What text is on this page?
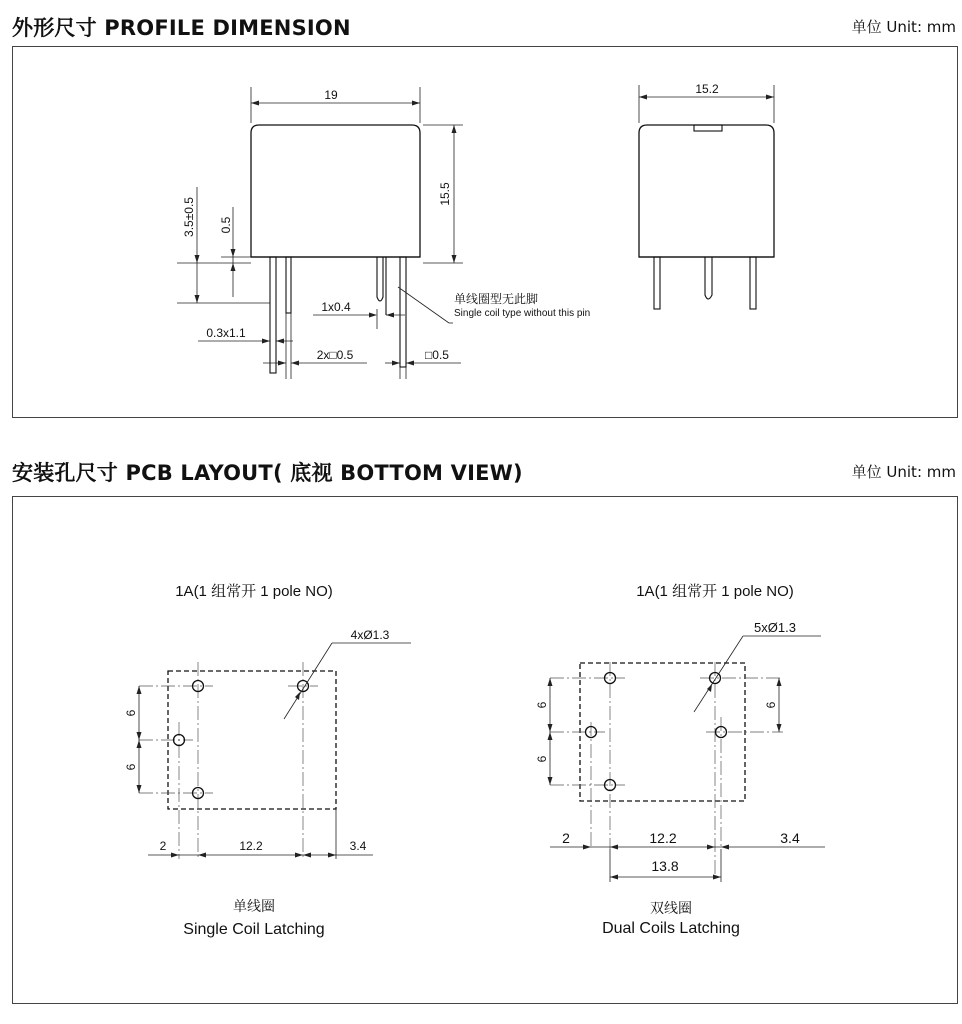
外形尺寸 PROFILE DIMENSION	单位 Unit: mm
19
15.5
3.5±0.5 0.5
1x0.4
0.3x1.1
2x□0.5	□0.5
单线圈型无此脚
Single coil type without this pin
15.2
安装孔尺寸 PCB LAYOUT( 底视 BOTTOM VIEW)	单位 Unit: mm
1A(1 组常开 1 pole NO)
4xØ1.3
6
6
2	12.2	3.4
单线圈
Single Coil Latching
1A(1 组常开 1 pole NO)
5xØ1.3
6
6
6
2	12.2	3.4
13.8
双线圈
Dual Coils Latching
